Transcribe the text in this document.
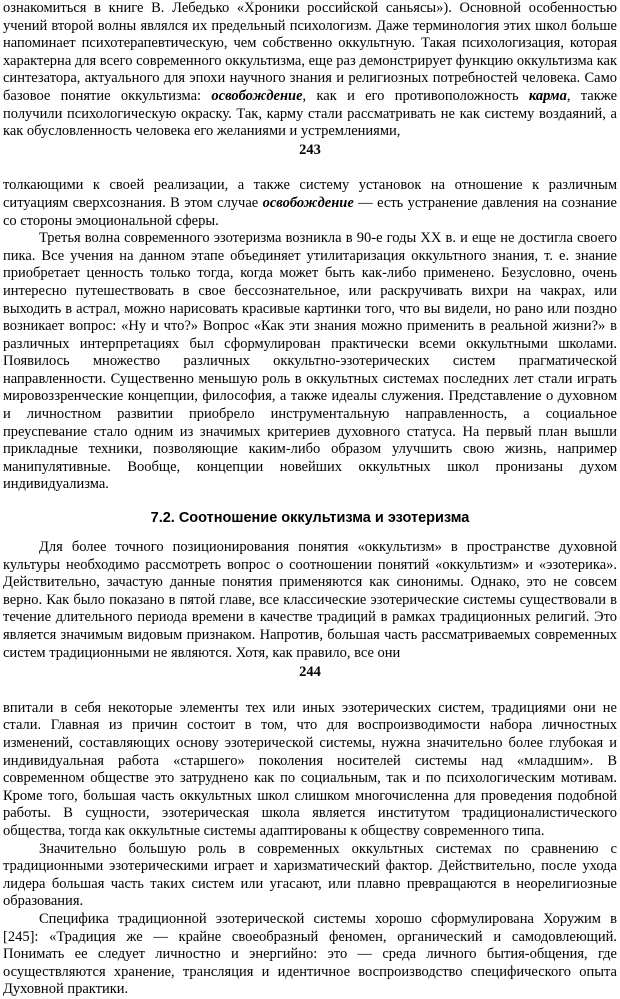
ознакомиться в книге В. Лебедько «Хроники российской саньясы»). Основной особенностью учений второй волны являлся их предельный психологизм. Даже терминология этих школ больше напоминает психотерапевтическую, чем собственно оккультную. Такая психологизация, которая характерна для всего современного оккультизма, еще раз демонстрирует функцию оккультизма как синтезатора, актуального для эпохи научного знания и религиозных потребностей человека. Само базовое понятие оккультизма: освобождение, как и его противоположность карма, также получили психологическую окраску. Так, карму стали рассматривать не как систему воздаяний, а как обусловленность человека его желаниями и устремлениями,

243

толкающими к своей реализации, а также систему установок на отношение к различным ситуациям сверхсознания. В этом случае освобождение — есть устранение давления на сознание со стороны эмоциональной сферы.

Третья волна современного эзотеризма возникла в 90-е годы XX в. и еще не достигла своего пика. Все учения на данном этапе объединяет утилитаризация оккультного знания, т. е. знание приобретает ценность только тогда, когда может быть как-либо применено. Безусловно, очень интересно путешествовать в свое бессознательное, или раскручивать вихри на чакрах, или выходить в астрал, можно нарисовать красивые картинки того, что вы видели, но рано или поздно возникает вопрос: «Ну и что?» Вопрос «Как эти знания можно применить в реальной жизни?» в различных интерпретациях был сформулирован практически всеми оккультными школами. Появилось множество различных оккультно-эзотерических систем прагматической направленности. Существенно меньшую роль в оккультных системах последних лет стали играть мировоззренческие концепции, философия, а также идеалы служения. Представление о духовном и личностном развитии приобрело инструментальную направленность, а социальное преуспевание стало одним из значимых критериев духовного статуса. На первый план вышли прикладные техники, позволяющие каким-либо образом улучшить свою жизнь, например манипулятивные. Вообще, концепции новейших оккультных школ пронизаны духом индивидуализма.

7.2. Соотношение оккультизма и эзотеризма

Для более точного позиционирования понятия «оккультизм» в пространстве духовной культуры необходимо рассмотреть вопрос о соотношении понятий «оккультизм» и «эзотерика». Действительно, зачастую данные понятия применяются как синонимы. Однако, это не совсем верно. Как было показано в пятой главе, все классические эзотерические системы существовали в течение длительного периода времени в качестве традиций в рамках традиционных религий. Это является значимым видовым признаком. Напротив, большая часть рассматриваемых современных систем традиционными не являются. Хотя, как правило, все они

244

впитали в себя некоторые элементы тех или иных эзотерических систем, традициями они не стали. Главная из причин состоит в том, что для воспроизводимости набора личностных изменений, составляющих основу эзотерической системы, нужна значительно более глубокая и индивидуальная работа «старшего» поколения носителей системы над «младшим». В современном обществе это затруднено как по социальным, так и по психологическим мотивам. Кроме того, большая часть оккультных школ слишком многочисленна для проведения подобной работы. В сущности, эзотерическая школа является институтом традиционалистического общества, тогда как оккультные системы адаптированы к обществу современного типа.

Значительно большую роль в современных оккультных системах по сравнению с традиционными эзотерическими играет и харизматический фактор. Действительно, после ухода лидера большая часть таких систем или угасают, или плавно превращаются в неорелигиозные образования.

Специфика традиционной эзотерической системы хорошо сформулирована Хоружим в [245]: «Традиция же — крайне своеобразный феномен, органический и самодовлеющий. Понимать ее следует личностно и энергийно: это — среда личного бытия-общения, где осуществляются хранение, трансляция и идентичное воспроизводство специфического опыта Духовной практики.
